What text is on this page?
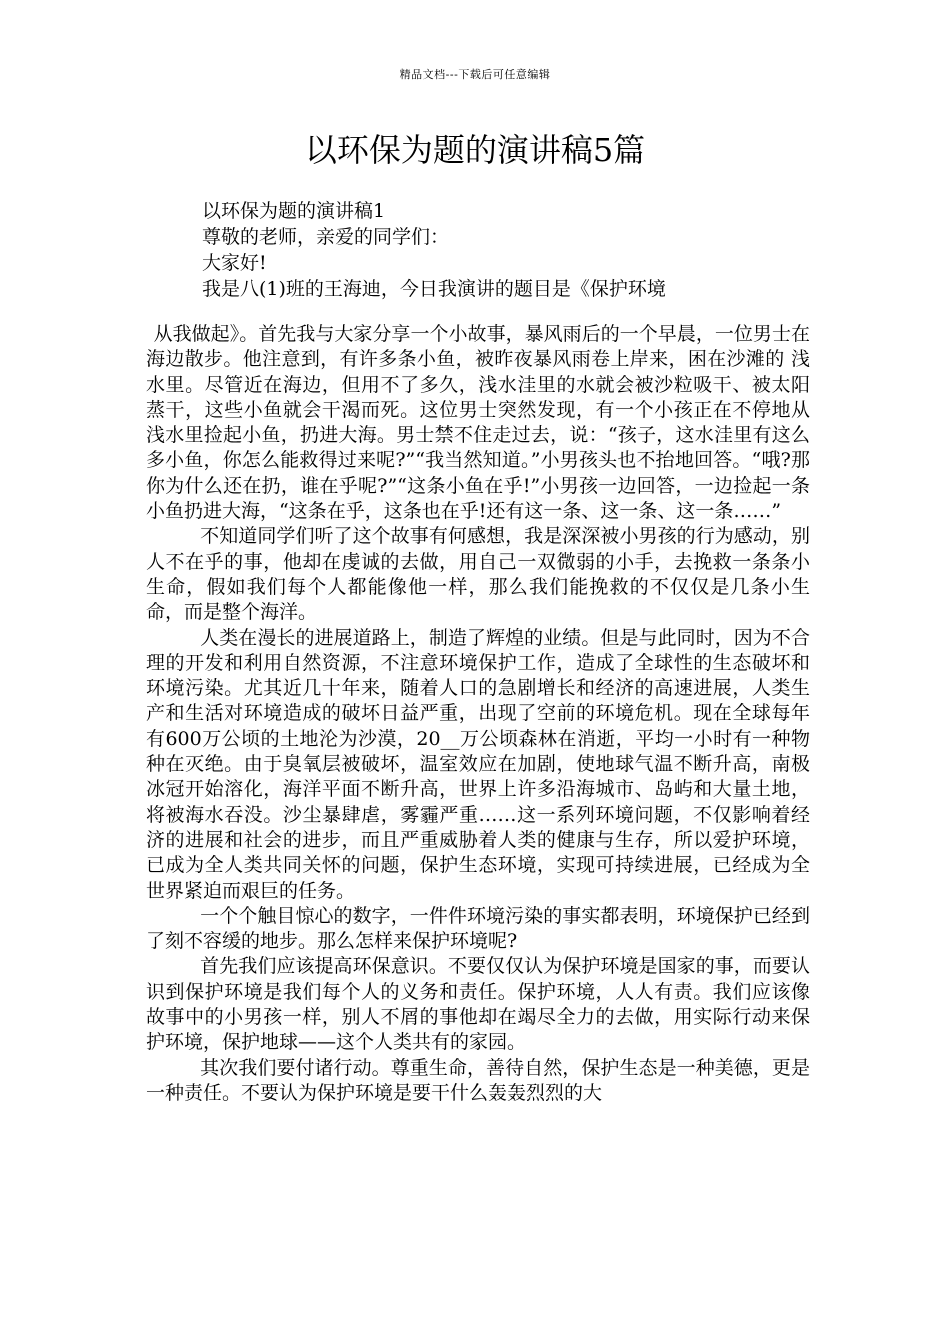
精品文档---下载后可任意编辑
以环保为题的演讲稿5篇
以环保为题的演讲稿1
尊敬的老师，亲爱的同学们：
大家好!
我是八(1)班的王海迪，今日我演讲的题目是《保护环境

从我做起》。首先我与大家分享一个小故事，暴风雨后的一个早晨，一位男士在海边散步。他注意到，有许多条小鱼，被昨夜暴风雨卷上岸来，困在沙滩的 浅水里。尽管近在海边，但用不了多久，浅水洼里的水就会被沙粒吸干、被太阳蒸干，这些小鱼就会干渴而死。这位男士突然发现，有一个小孩正在不停地从浅水里捡起小鱼，扔进大海。男士禁不住走过去，说：“孩子，这水洼里有这么多小鱼，你怎么能救得过来呢?”“我当然知道。”小男孩头也不抬地回答。“哦?那你为什么还在扔，谁在乎呢?”“这条小鱼在乎!”小男孩一边回答，一边捡起一条小鱼扔进大海，“这条在乎，这条也在乎!还有这一条、这一条、这一条……”

不知道同学们听了这个故事有何感想，我是深深被小男孩的行为感动，别人不在乎的事，他却在虔诚的去做，用自己一双微弱的小手，去挽救一条条小生命，假如我们每个人都能像他一样，那么我们能挽救的不仅仅是几条小生命，而是整个海洋。

人类在漫长的进展道路上，制造了辉煌的业绩。但是与此同时，因为不合理的开发和利用自然资源，不注意环境保护工作，造成了全球性的生态破坏和环境污染。尤其近几十年来，随着人口的急剧增长和经济的高速进展，人类生产和生活对环境造成的破坏日益严重，出现了空前的环境危机。现在全球每年有600万公顷的土地沦为沙漠，20__万公顷森林在消逝，平均一小时有一种物种在灭绝。由于臭氧层被破坏，温室效应在加剧，使地球气温不断升高，南极冰冠开始溶化，海洋平面不断升高，世界上许多沿海城市、岛屿和大量土地，将被海水吞没。沙尘暴肆虐，雾霾严重……这一系列环境问题，不仅影响着经济的进展和社会的进步，而且严重威胁着人类的健康与生存，所以爱护环境，已成为全人类共同关怀的问题，保护生态环境，实现可持续进展，已经成为全世界紧迫而艰巨的任务。

一个个触目惊心的数字，一件件环境污染的事实都表明，环境保护已经到了刻不容缓的地步。那么怎样来保护环境呢?

首先我们应该提高环保意识。不要仅仅认为保护环境是国家的事，而要认识到保护环境是我们每个人的义务和责任。保护环境，人人有责。我们应该像故事中的小男孩一样，别人不屑的事他却在竭尽全力的去做，用实际行动来保护环境，保护地球——这个人类共有的家园。

其次我们要付诸行动。尊重生命，善待自然，保护生态是一种美德，更是一种责任。不要认为保护环境是要干什么轰轰烈烈的大
